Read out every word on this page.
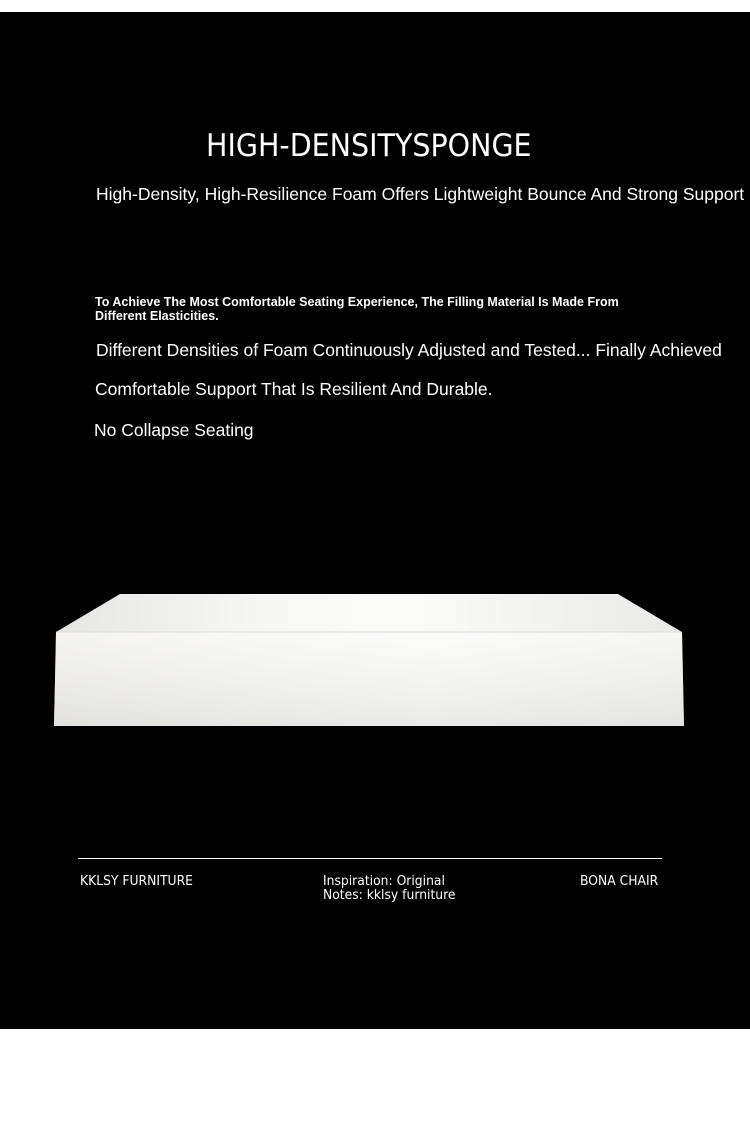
HIGH-DENSITYSPONGE

High-Density, High-Resilience Foam Offers Lightweight Bounce And Strong Support

To Achieve The Most Comfortable Seating Experience, The Filling Material Is Made From Different Elasticities.

Different Densities of Foam Continuously Adjusted and Tested... Finally Achieved

Comfortable Support That Is Resilient And Durable.

No Collapse Seating

KKLSY FURNITURE	Inspiration: Original
Notes: kklsy furniture
BONA CHAIR
